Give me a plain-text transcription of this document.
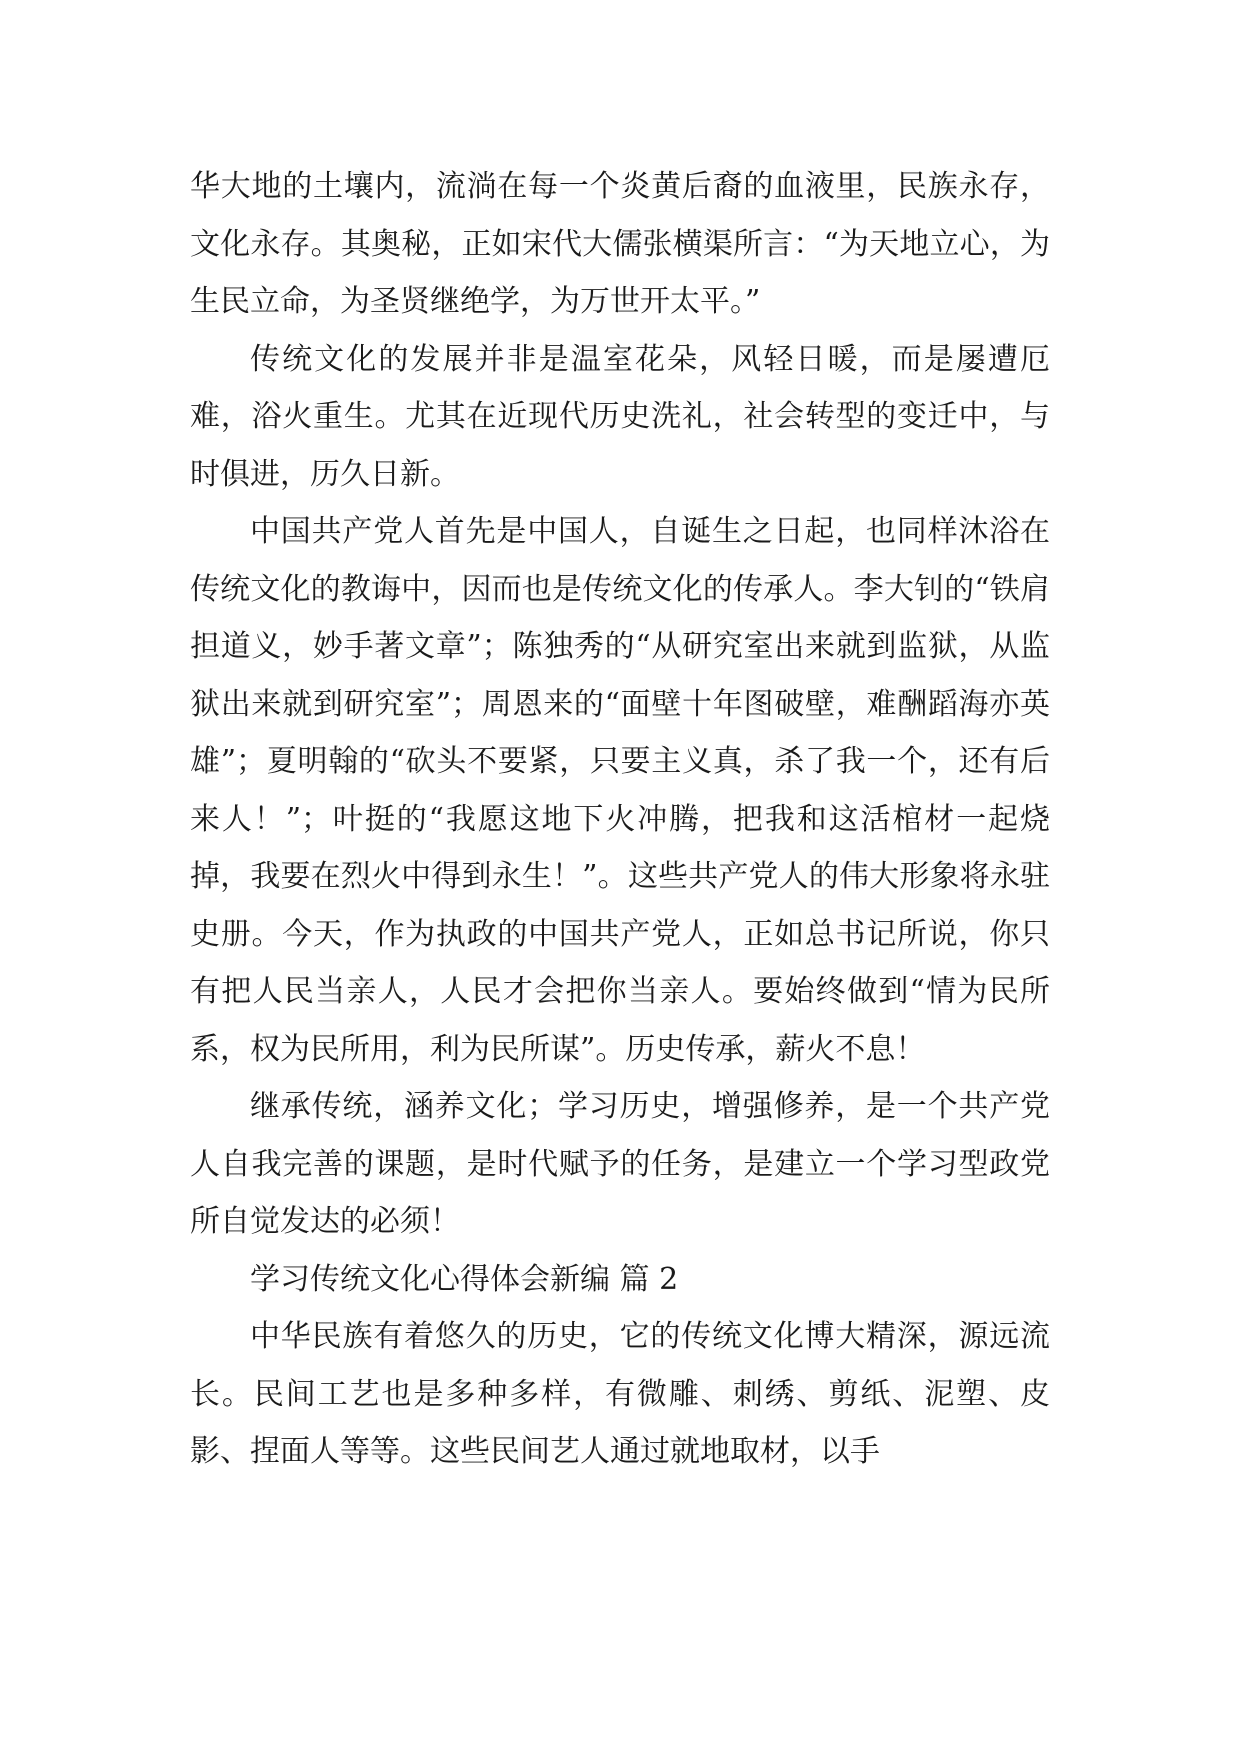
华大地的土壤内，流淌在每一个炎黄后裔的血液里，民族永存，文化永存。其奥秘，正如宋代大儒张横渠所言：“为天地立心，为生民立命，为圣贤继绝学，为万世开太平。”

传统文化的发展并非是温室花朵，风轻日暖，而是屡遭厄难，浴火重生。尤其在近现代历史洗礼，社会转型的变迁中，与时俱进，历久日新。

中国共产党人首先是中国人，自诞生之日起，也同样沐浴在传统文化的教诲中，因而也是传统文化的传承人。李大钊的“铁肩担道义，妙手著文章”；陈独秀的“从研究室出来就到监狱，从监狱出来就到研究室”；周恩来的“面壁十年图破壁，难酬蹈海亦英雄”；夏明翰的“砍头不要紧，只要主义真，杀了我一个，还有后来人！”；叶挺的“我愿这地下火冲腾，把我和这活棺材一起烧掉，我要在烈火中得到永生！”。这些共产党人的伟大形象将永驻史册。今天，作为执政的中国共产党人，正如总书记所说，你只有把人民当亲人，人民才会把你当亲人。要始终做到“情为民所系，权为民所用，利为民所谋”。历史传承，薪火不息！

继承传统，涵养文化；学习历史，增强修养，是一个共产党人自我完善的课题，是时代赋予的任务，是建立一个学习型政党所自觉发达的必须！

学习传统文化心得体会新编 篇 2

中华民族有着悠久的历史，它的传统文化博大精深，源远流长。民间工艺也是多种多样，有微雕、刺绣、剪纸、泥塑、皮影、捏面人等等。这些民间艺人通过就地取材，以手
